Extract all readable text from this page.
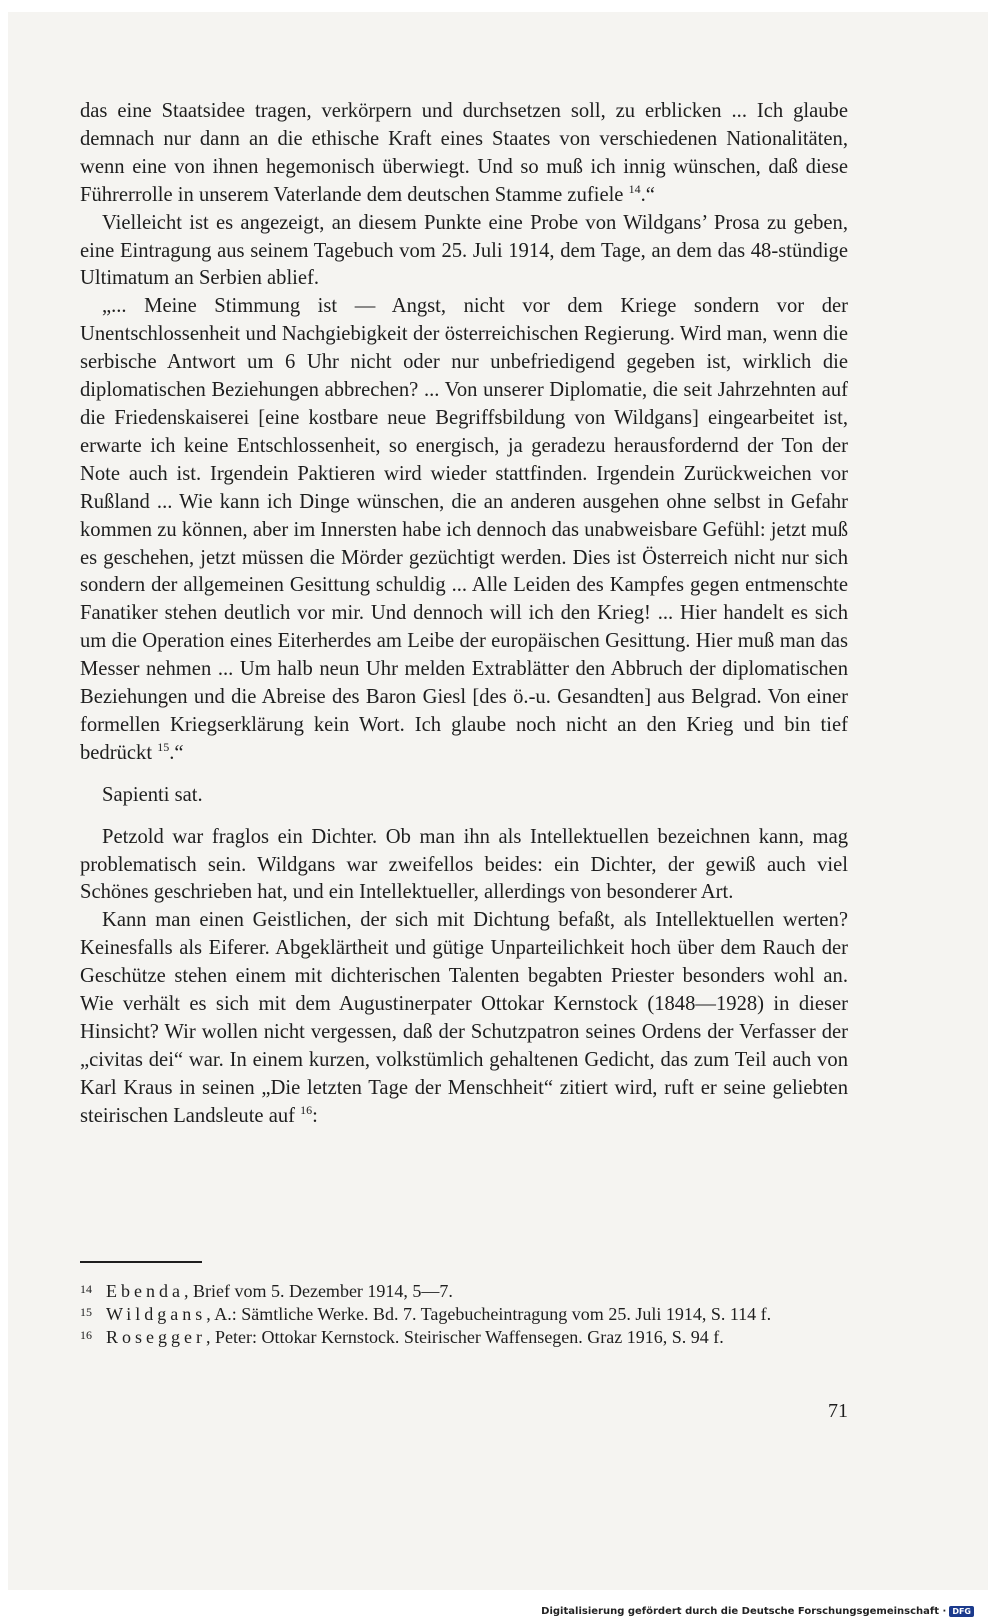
das eine Staatsidee tragen, verkörpern und durchsetzen soll, zu erblicken ... Ich glaube demnach nur dann an die ethische Kraft eines Staates von verschiedenen Nationalitäten, wenn eine von ihnen hegemonisch überwiegt. Und so muß ich innig wünschen, daß diese Führerrolle in unserem Vaterlande dem deutschen Stamme zufiele $^{14}$.“

Vielleicht ist es angezeigt, an diesem Punkte eine Probe von Wildgans’ Prosa zu geben, eine Eintragung aus seinem Tagebuch vom 25. Juli 1914, dem Tage, an dem das 48-stündige Ultimatum an Serbien ablief.

„... Meine Stimmung ist — Angst, nicht vor dem Kriege sondern vor der Unentschlossenheit und Nachgiebigkeit der österreichischen Regierung. Wird man, wenn die serbische Antwort um 6 Uhr nicht oder nur unbefriedigend gegeben ist, wirklich die diplomatischen Beziehungen abbrechen? ... Von unserer Diplomatie, die seit Jahrzehnten auf die Friedenskaiserei [eine kostbare neue Begriffsbildung von Wildgans] eingearbeitet ist, erwarte ich keine Entschlossenheit, so energisch, ja geradezu herausfordernd der Ton der Note auch ist. Irgendein Paktieren wird wieder stattfinden. Irgendein Zurückweichen vor Rußland ... Wie kann ich Dinge wünschen, die an anderen ausgehen ohne selbst in Gefahr kommen zu können, aber im Innersten habe ich dennoch das unabweisbare Gefühl: jetzt muß es geschehen, jetzt müssen die Mörder gezüchtigt werden. Dies ist Österreich nicht nur sich sondern der allgemeinen Gesittung schuldig ... Alle Leiden des Kampfes gegen entmenschte Fanatiker stehen deutlich vor mir. Und dennoch will ich den Krieg! ... Hier handelt es sich um die Operation eines Eiterherdes am Leibe der europäischen Gesittung. Hier muß man das Messer nehmen ... Um halb neun Uhr melden Extrablätter den Abbruch der diplomatischen Beziehungen und die Abreise des Baron Giesl [des ö.-u. Gesandten] aus Belgrad. Von einer formellen Kriegserklärung kein Wort. Ich glaube noch nicht an den Krieg und bin tief bedrückt $^{15}$.“

Sapienti sat.

Petzold war fraglos ein Dichter. Ob man ihn als Intellektuellen bezeichnen kann, mag problematisch sein. Wildgans war zweifellos beides: ein Dichter, der gewiß auch viel Schönes geschrieben hat, und ein Intellektueller, allerdings von besonderer Art.

Kann man einen Geistlichen, der sich mit Dichtung befaßt, als Intellektuellen werten? Keinesfalls als Eiferer. Abgeklärtheit und gütige Unparteilichkeit hoch über dem Rauch der Geschütze stehen einem mit dichterischen Talenten begabten Priester besonders wohl an. Wie verhält es sich mit dem Augustinerpater Ottokar Kernstock (1848—1928) in dieser Hinsicht? Wir wollen nicht vergessen, daß der Schutzpatron seines Ordens der Verfasser der „civitas dei“ war. In einem kurzen, volkstümlich gehaltenen Gedicht, das zum Teil auch von Karl Kraus in seinen „Die letzten Tage der Menschheit“ zitiert wird, ruft er seine geliebten steirischen Landsleute auf $^{16}$:

14 Ebenda, Brief vom 5. Dezember 1914, 5—7.
15 Wildgans, A.: Sämtliche Werke. Bd. 7. Tagebucheintragung vom 25. Juli 1914, S. 114 f.
16 Rosegger, Peter: Ottokar Kernstock. Steirischer Waffensegen. Graz 1916, S. 94 f.
71
Digitalisierung gefördert durch die Deutsche Forschungsgemeinschaft · DFG
